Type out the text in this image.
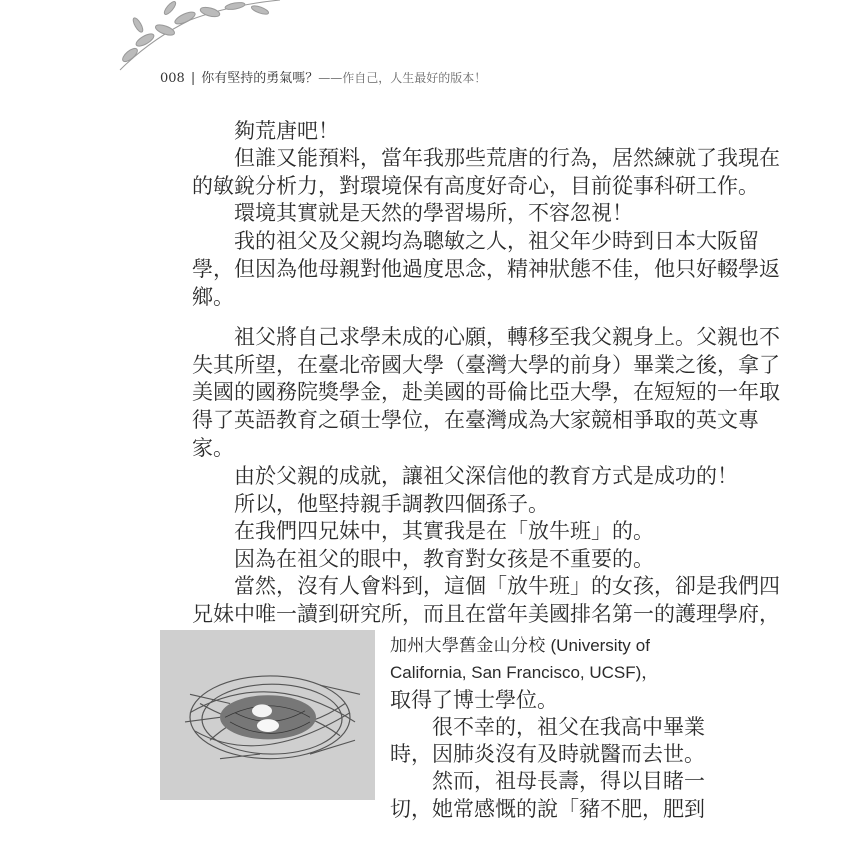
008 | 你有堅持的勇氣嗎？——作自己，人生最好的版本！
夠荒唐吧！
但誰又能預料，當年我那些荒唐的行為，居然練就了我現在
的敏銳分析力，對環境保有高度好奇心，目前從事科研工作。
環境其實就是天然的學習場所，不容忽視！
我的祖父及父親均為聰敏之人，祖父年少時到日本大阪留
學，但因為他母親對他過度思念，精神狀態不佳，他只好輟學返
鄉。
祖父將自己求學未成的心願，轉移至我父親身上。父親也不
失其所望，在臺北帝國大學（臺灣大學的前身）畢業之後，拿了
美國的國務院獎學金，赴美國的哥倫比亞大學，在短短的一年取
得了英語教育之碩士學位，在臺灣成為大家競相爭取的英文專
家。
由於父親的成就，讓祖父深信他的教育方式是成功的！
所以，他堅持親手調教四個孫子。
在我們四兄妹中，其實我是在「放牛班」的。
因為在祖父的眼中，教育對女孩是不重要的。
當然，沒有人會料到，這個「放牛班」的女孩，卻是我們四
兄妹中唯一讀到研究所，而且在當年美國排名第一的護理學府，
加州大學舊金山分校 (University of
California, San Francisco, UCSF)，
取得了博士學位。
很不幸的，祖父在我高中畢業
時，因肺炎沒有及時就醫而去世。
然而，祖母長壽，得以目睹一
切，她常感慨的說「豬不肥，肥到
